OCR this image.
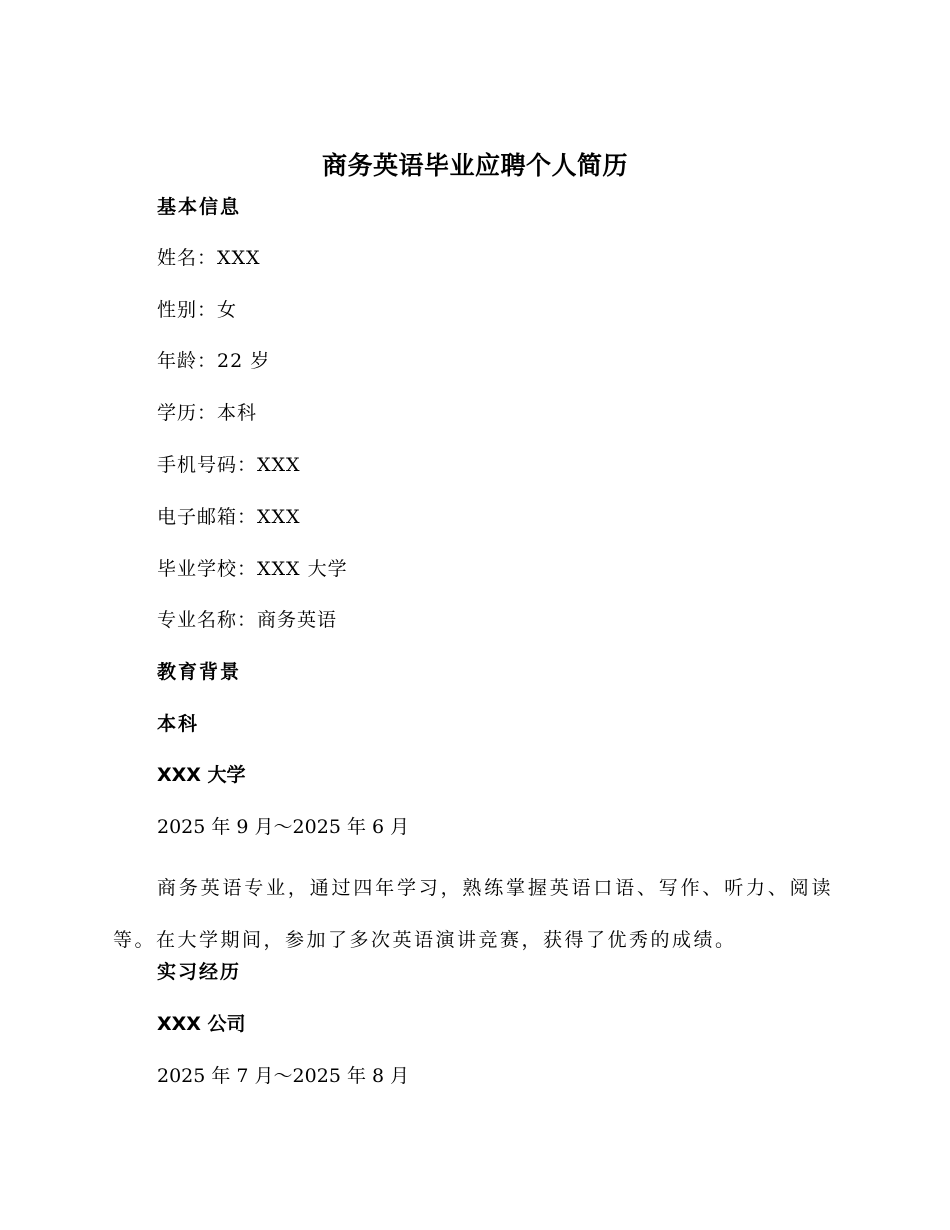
商务英语毕业应聘个人简历
基本信息
姓名：XXX
性别：女
年龄：22 岁
学历：本科
手机号码：XXX
电子邮箱：XXX
毕业学校：XXX 大学
专业名称：商务英语
教育背景
本科
XXX 大学
2025 年 9 月～2025 年 6 月
商务英语专业，通过四年学习，熟练掌握英语口语、写作、听力、阅读等。在大学期间，参加了多次英语演讲竞赛，获得了优秀的成绩。
实习经历
XXX 公司
2025 年 7 月～2025 年 8 月
